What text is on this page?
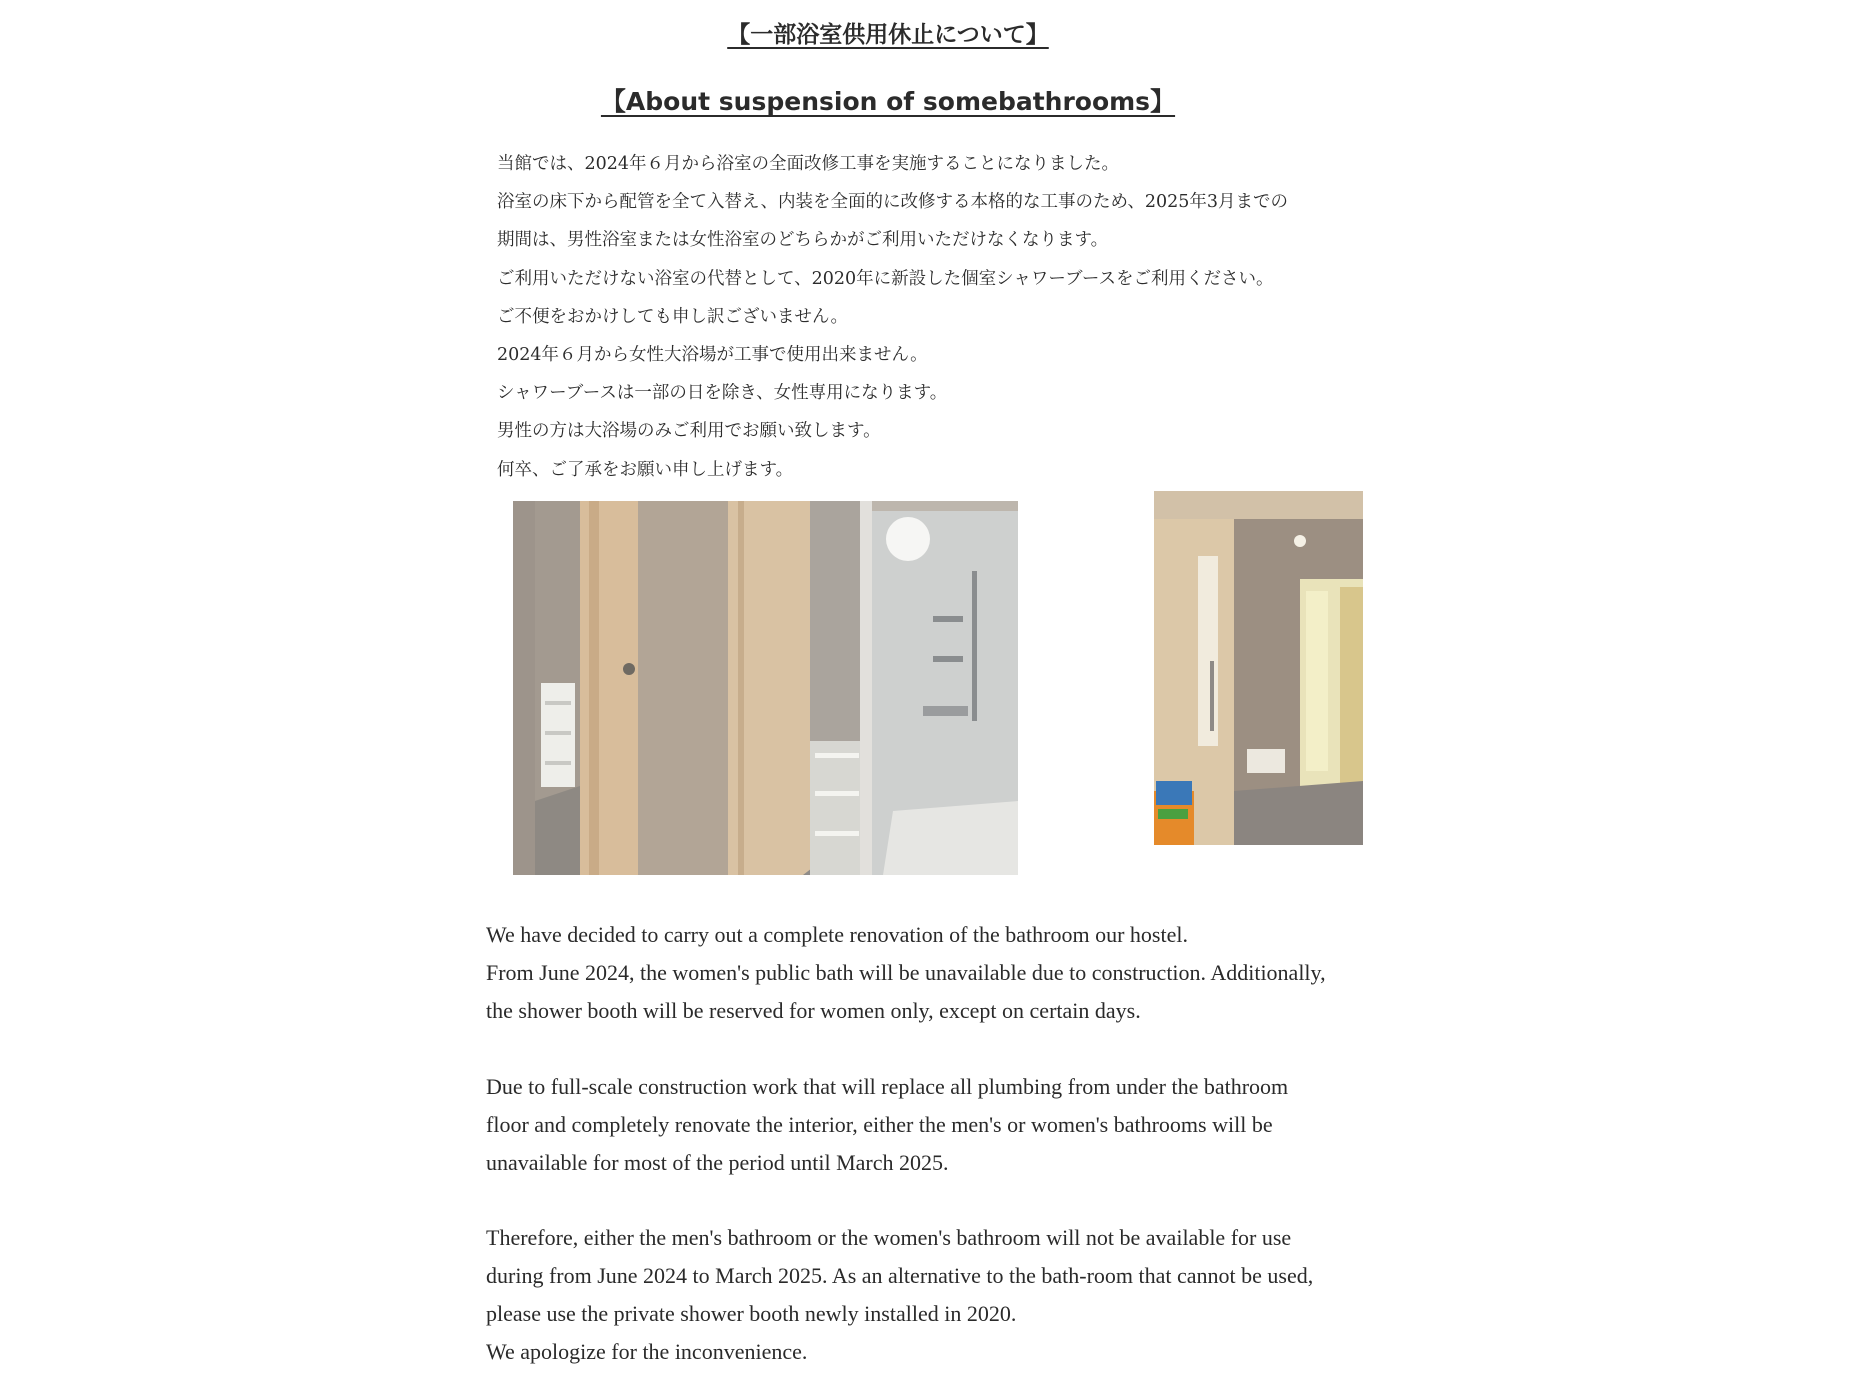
【一部浴室供用休止について】
【About suspension of somebathrooms】
当館では、2024年６月から浴室の全面改修工事を実施することになりました。
浴室の床下から配管を全て入替え、内装を全面的に改修する本格的な工事のため、2025年3月までの
期間は、男性浴室または女性浴室のどちらかがご利用いただけなくなります。
ご利用いただけない浴室の代替として、2020年に新設した個室シャワーブースをご利用ください。
ご不便をおかけしても申し訳ございません。
2024年６月から女性大浴場が工事で使用出来ません。
シャワーブースは一部の日を除き、女性専用になります。
男性の方は大浴場のみご利用でお願い致します。
何卒、ご了承をお願い申し上げます。

We have decided to carry out a complete renovation of the bathroom our hostel.
From June 2024, the women's public bath will be unavailable due to construction. Additionally,
the shower booth will be reserved for women only, except on certain days.

Due to full-scale construction work that will replace all plumbing from under the bathroom
floor and completely renovate the interior, either the men's or women's bathrooms will be
unavailable for most of the period until March 2025.

Therefore, either the men's bathroom or the women's bathroom will not be available for use
during from June 2024 to March 2025. As an alternative to the bath-room that cannot be used,
please use the private shower booth newly installed in 2020.
We apologize for the inconvenience.
